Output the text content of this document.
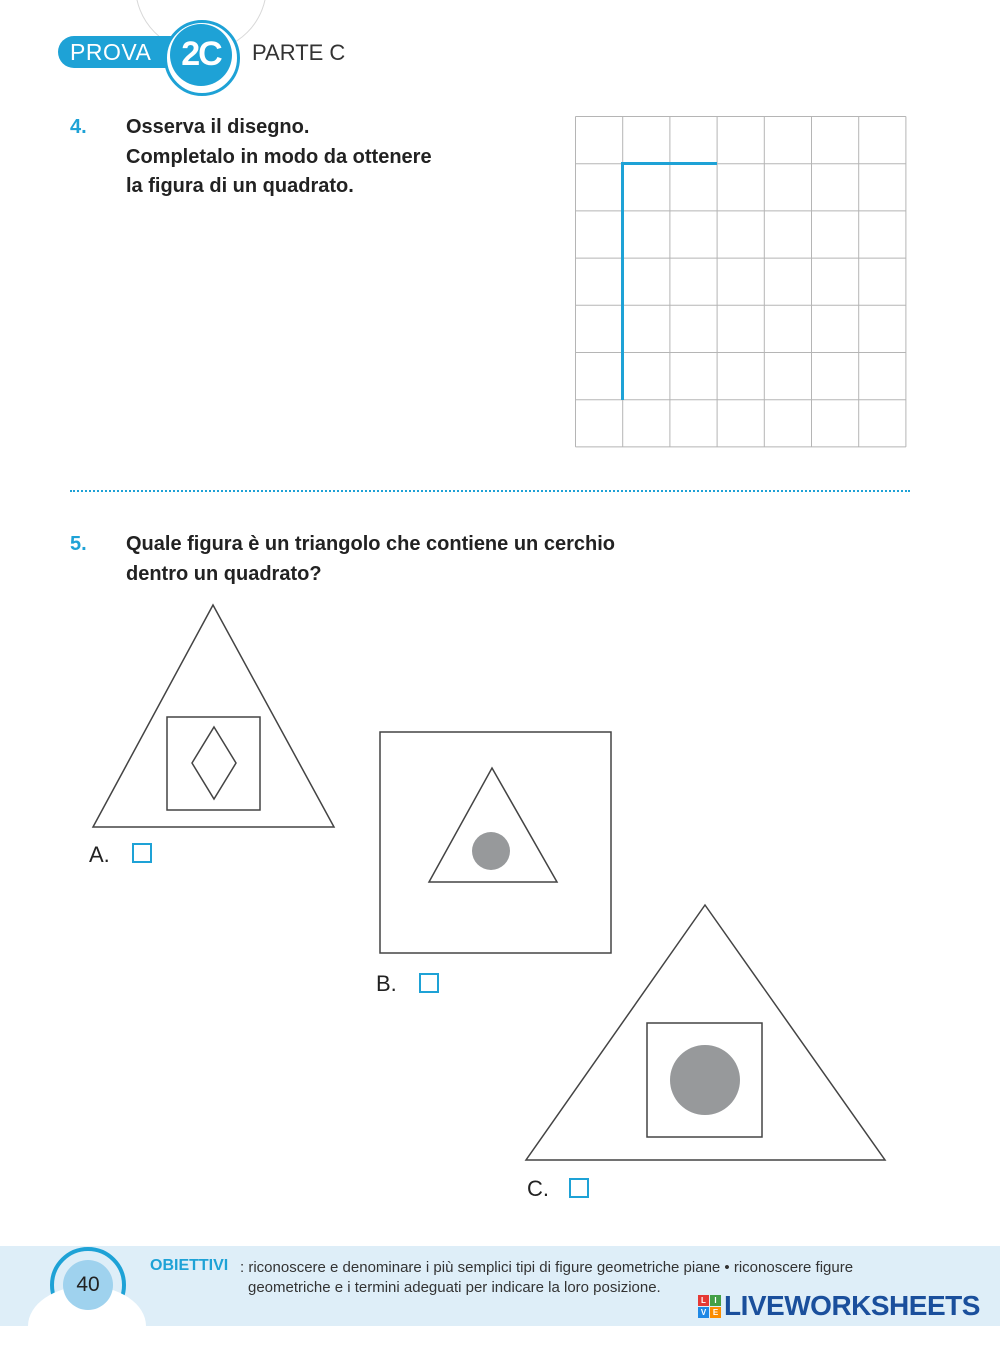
PROVA 2C	PARTE C
4. Osserva il disegno.
Completalo in modo da ottenere
la figura di un quadrato.
5. Quale figura è un triangolo che contiene un cerchio
dentro un quadrato?
A.
B.
C.
40
OBIETTIVI : riconoscere e denominare i più semplici tipi di figure geometriche piane • riconoscere figure
geometriche e i termini adeguati per indicare la loro posizione.
L	I
V E LIVEWORKSHEETS
